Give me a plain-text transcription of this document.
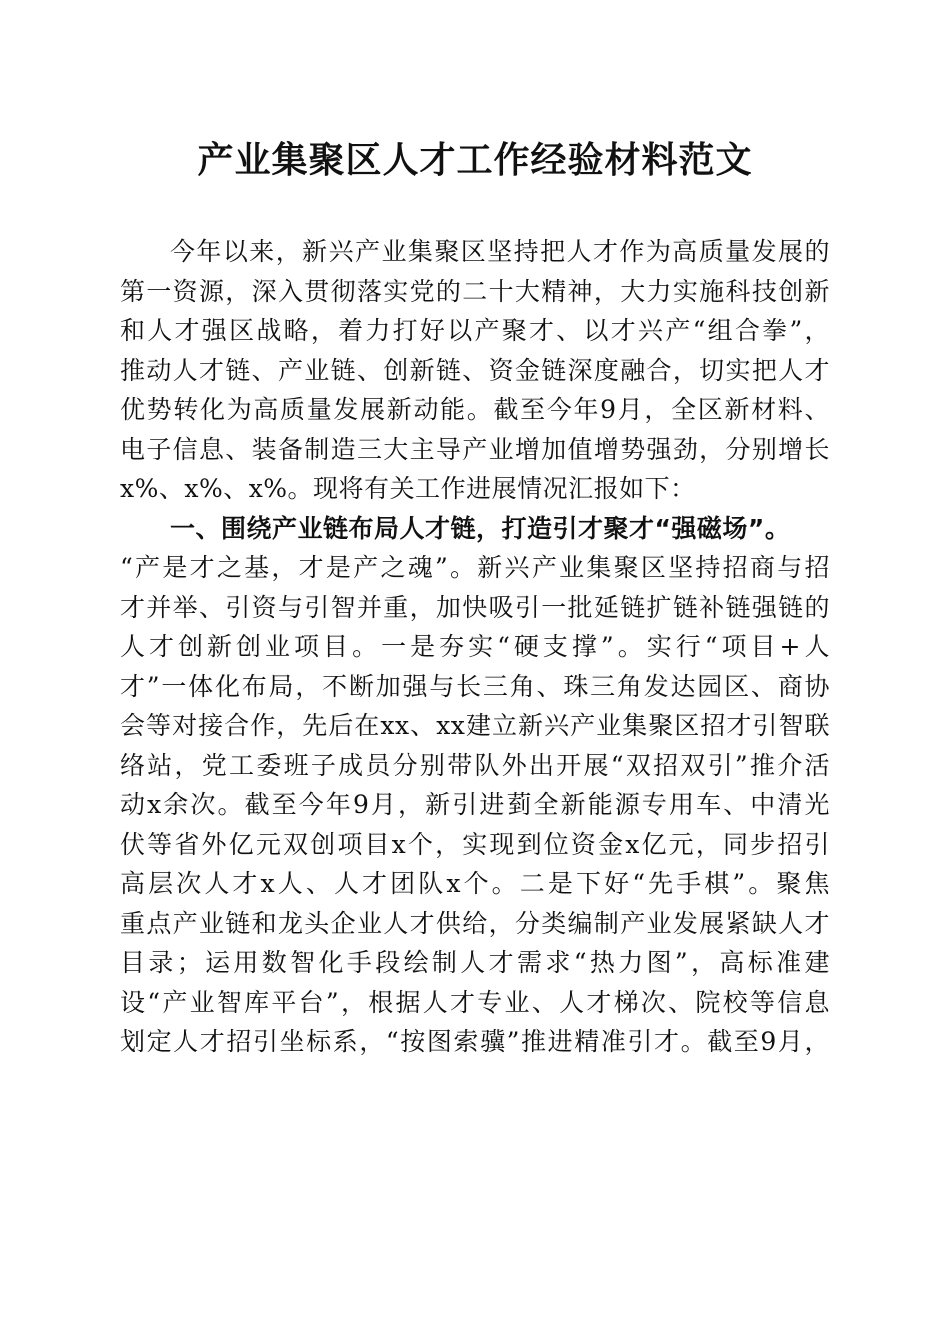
产业集聚区人才工作经验材料范文
今年以来，新兴产业集聚区坚持把人才作为高质量发展的
第一资源，深入贯彻落实党的二十大精神，大力实施科技创新
和人才强区战略，着力打好以产聚才、以才兴产“组合拳”，
推动人才链、产业链、创新链、资金链深度融合，切实把人才
优势转化为高质量发展新动能。截至今年9月，全区新材料、
电子信息、装备制造三大主导产业增加值增势强劲，分别增长
x%、x%、x%。现将有关工作进展情况汇报如下：
一、围绕产业链布局人才链，打造引才聚才“强磁场”。
“产是才之基，才是产之魂”。新兴产业集聚区坚持招商与招
才并举、引资与引智并重，加快吸引一批延链扩链补链强链的
人才创新创业项目。一是夯实“硬支撑”。实行“项目+人
才”一体化布局，不断加强与长三角、珠三角发达园区、商协
会等对接合作，先后在xx、xx建立新兴产业集聚区招才引智联
络站，党工委班子成员分别带队外出开展“双招双引”推介活
动x余次。截至今年9月，新引进菿全新能源专用车、中清光
伏等省外亿元双创项目x个，实现到位资金x亿元，同步招引
高层次人才x人、人才团队x个。二是下好“先手棋”。聚焦
重点产业链和龙头企业人才供给，分类编制产业发展紧缺人才
目录；运用数智化手段绘制人才需求“热力图”，高标准建
设“产业智库平台”，根据人才专业、人才梯次、院校等信息
划定人才招引坐标系，“按图索骥”推进精准引才。截至9月，
